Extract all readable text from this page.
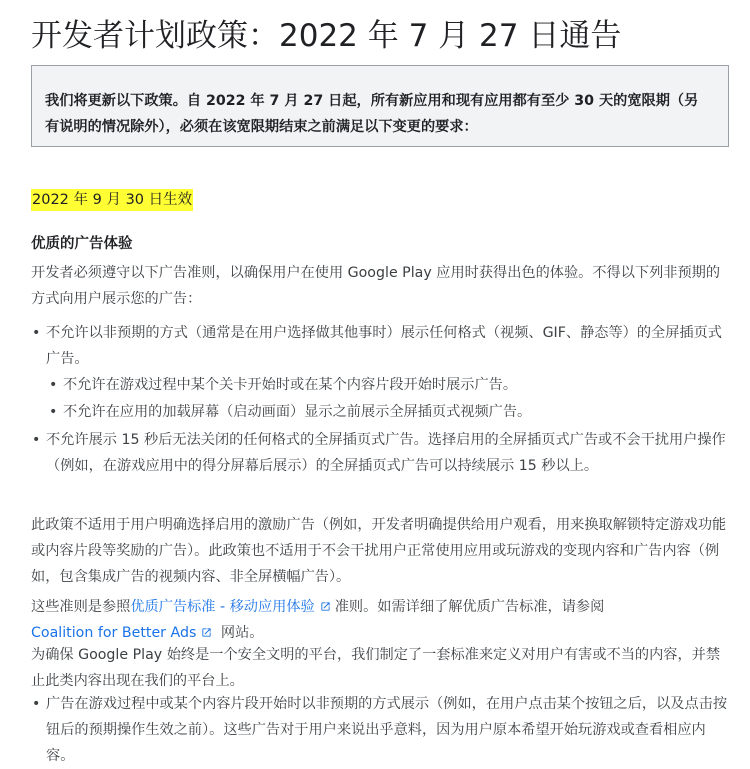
开发者计划政策：2022 年 7 月 27 日通告

我们将更新以下政策。自 2022 年 7 月 27 日起，所有新应用和现有应用都有至少 30 天的宽限期（另有说明的情况除外），必须在该宽限期结束之前满足以下变更的要求：

2022 年 9 月 30 日生效
优质的广告体验

开发者必须遵守以下广告准则，以确保用户在使用 Google Play 应用时获得出色的体验。不得以下列非预期的方式向用户展示您的广告：

• 不允许以非预期的方式（通常是在用户选择做其他事时）展示任何格式（视频、GIF、静态等）的全屏插页式广告。
• 不允许在游戏过程中某个关卡开始时或在某个内容片段开始时展示广告。
• 不允许在应用的加载屏幕（启动画面）显示之前展示全屏插页式视频广告。
• 不允许展示 15 秒后无法关闭的任何格式的全屏插页式广告。选择启用的全屏插页式广告或不会干扰用户操作（例如，在游戏应用中的得分屏幕后展示）的全屏插页式广告可以持续展示 15 秒以上。

此政策不适用于用户明确选择启用的激励广告（例如，开发者明确提供给用户观看，用来换取解锁特定游戏功能或内容片段等奖励的广告）。此政策也不适用于不会干扰用户正常使用应用或玩游戏的变现内容和广告内容（例如，包含集成广告的视频内容、非全屏横幅广告）。

这些准则是参照优质广告标准 - 移动应用体验 准则。如需详细了解优质广告标准，请参阅
Coalition for Better Ads 网站。

为确保 Google Play 始终是一个安全文明的平台，我们制定了一套标准来定义对用户有害或不当的内容，并禁止此类内容出现在我们的平台上。

• 广告在游戏过程中或某个内容片段开始时以非预期的方式展示（例如，在用户点击某个按钮之后，以及点击按钮后的预期操作生效之前）。这些广告对于用户来说出乎意料，因为用户原本希望开始玩游戏或查看相应内容。
